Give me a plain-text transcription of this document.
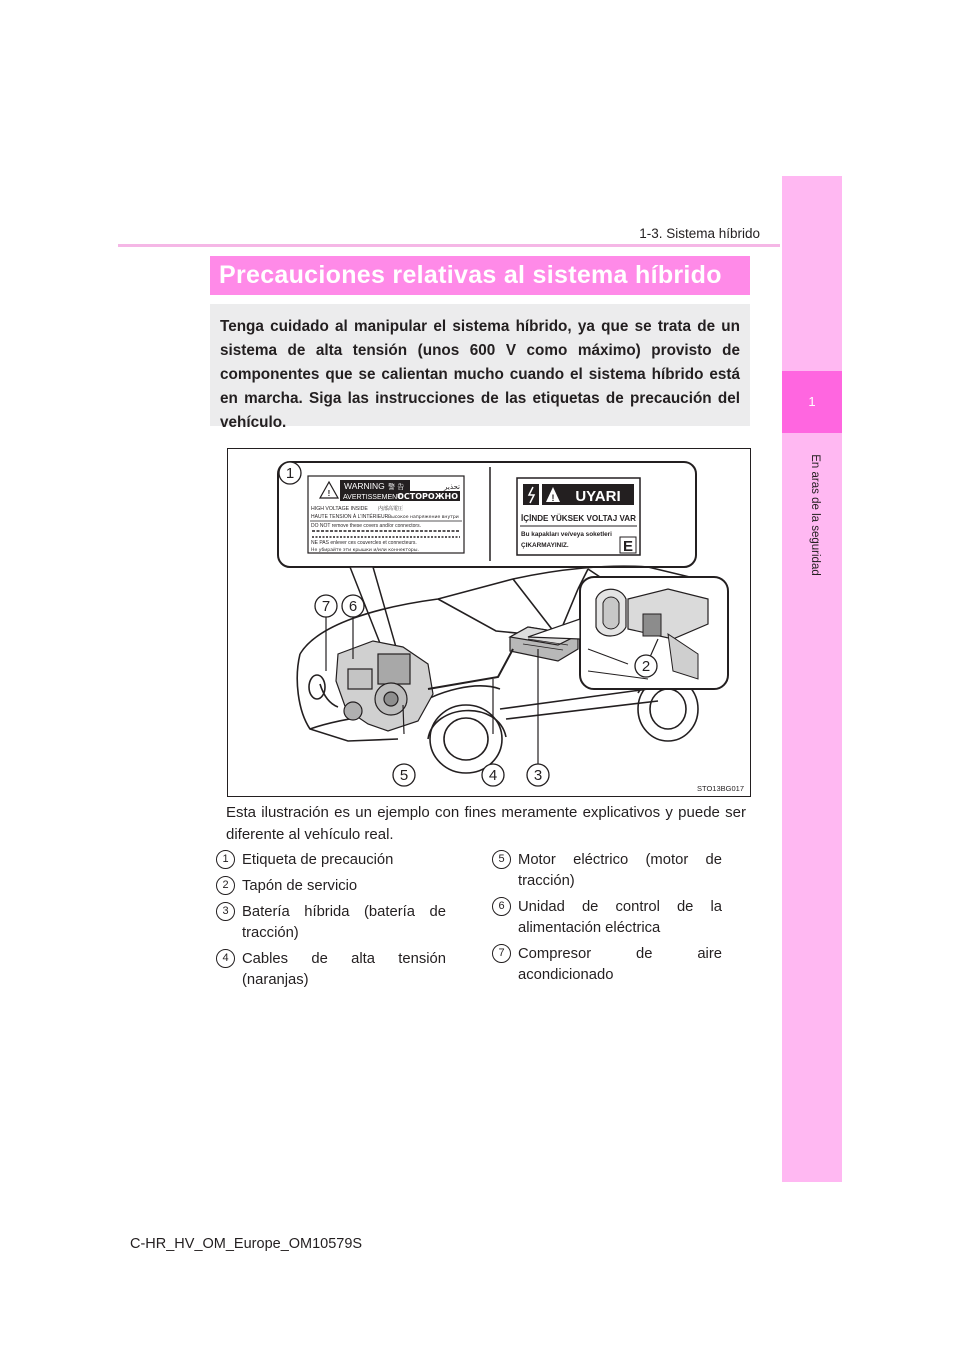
1-3. Sistema híbrido
1
En aras de la seguridad
Precauciones relativas al sistema híbrido
Tenga cuidado al manipular el sistema híbrido, ya que se trata de un sistema de alta tensión (unos 600 V como máximo) provisto de componentes que se calientan mucho cuando el sistema híbrido está en marcha. Siga las instrucciones de las etiquetas de precaución del vehículo.
!
WARNING 警 告	تحذير
AVERTISSEMENT
ОСТОРОЖНО
HIGH VOLTAGE INSIDE 内部高電圧
HAUTE TENSION À L'INTÉRIEUR Высокое напряжение внутри
DO NOT remove these covers and/or connectors.
NE PAS enlever ces couvercles et connecteurs.
Не убирайте эти крышки и/или коннекторы.
! UYARI
İÇİNDE YÜKSEK VOLTAJ VAR
Bu kapakları ve/veya soketleri
ÇIKARMAYINIZ.	E
1
2
3
4
5
6
7
STO13BG017
Esta ilustración es un ejemplo con fines meramente explicativos y puede ser diferente al vehículo real.
1 Etiqueta de precaución
2 Tapón de servicio
3 Batería híbrida (batería de tracción)
4 Cables de alta tensión (naranjas)
5 Motor eléctrico (motor de tracción)
6 Unidad de control de la alimentación eléctrica
7 Compresor de aire acondicionado
C-HR_HV_OM_Europe_OM10579S
